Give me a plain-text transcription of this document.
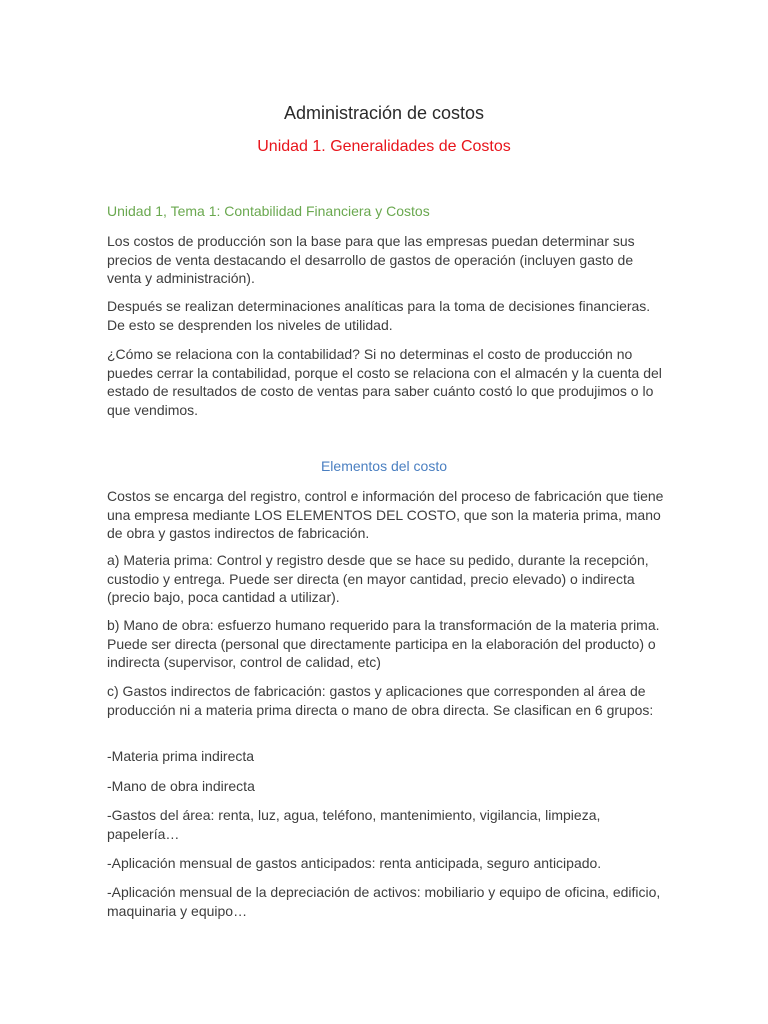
Administración de costos
Unidad 1. Generalidades de Costos
Unidad 1, Tema 1: Contabilidad Financiera y Costos

Los costos de producción son la base para que las empresas puedan determinar sus precios de venta destacando el desarrollo de gastos de operación (incluyen gasto de venta y administración).

Después se realizan determinaciones analíticas para la toma de decisiones financieras. De esto se desprenden los niveles de utilidad.

¿Cómo se relaciona con la contabilidad? Si no determinas el costo de producción no puedes cerrar la contabilidad, porque el costo se relaciona con el almacén y la cuenta del estado de resultados de costo de ventas para saber cuánto costó lo que produjimos o lo que vendimos.

Elementos del costo

Costos se encarga del registro, control e información del proceso de fabricación que tiene una empresa mediante LOS ELEMENTOS DEL COSTO, que son la materia prima, mano de obra y gastos indirectos de fabricación.

a) Materia prima: Control y registro desde que se hace su pedido, durante la recepción, custodio y entrega. Puede ser directa (en mayor cantidad, precio elevado) o indirecta (precio bajo, poca cantidad a utilizar).

b) Mano de obra: esfuerzo humano requerido para la transformación de la materia prima. Puede ser directa (personal que directamente participa en la elaboración del producto) o indirecta (supervisor, control de calidad, etc)

c) Gastos indirectos de fabricación: gastos y aplicaciones que corresponden al área de producción ni a materia prima directa o mano de obra directa. Se clasifican en 6 grupos:

-Materia prima indirecta

-Mano de obra indirecta

-Gastos del área: renta, luz, agua, teléfono, mantenimiento, vigilancia, limpieza, papelería…

-Aplicación mensual de gastos anticipados: renta anticipada, seguro anticipado.

-Aplicación mensual de la depreciación de activos: mobiliario y equipo de oficina, edificio, maquinaria y equipo…
